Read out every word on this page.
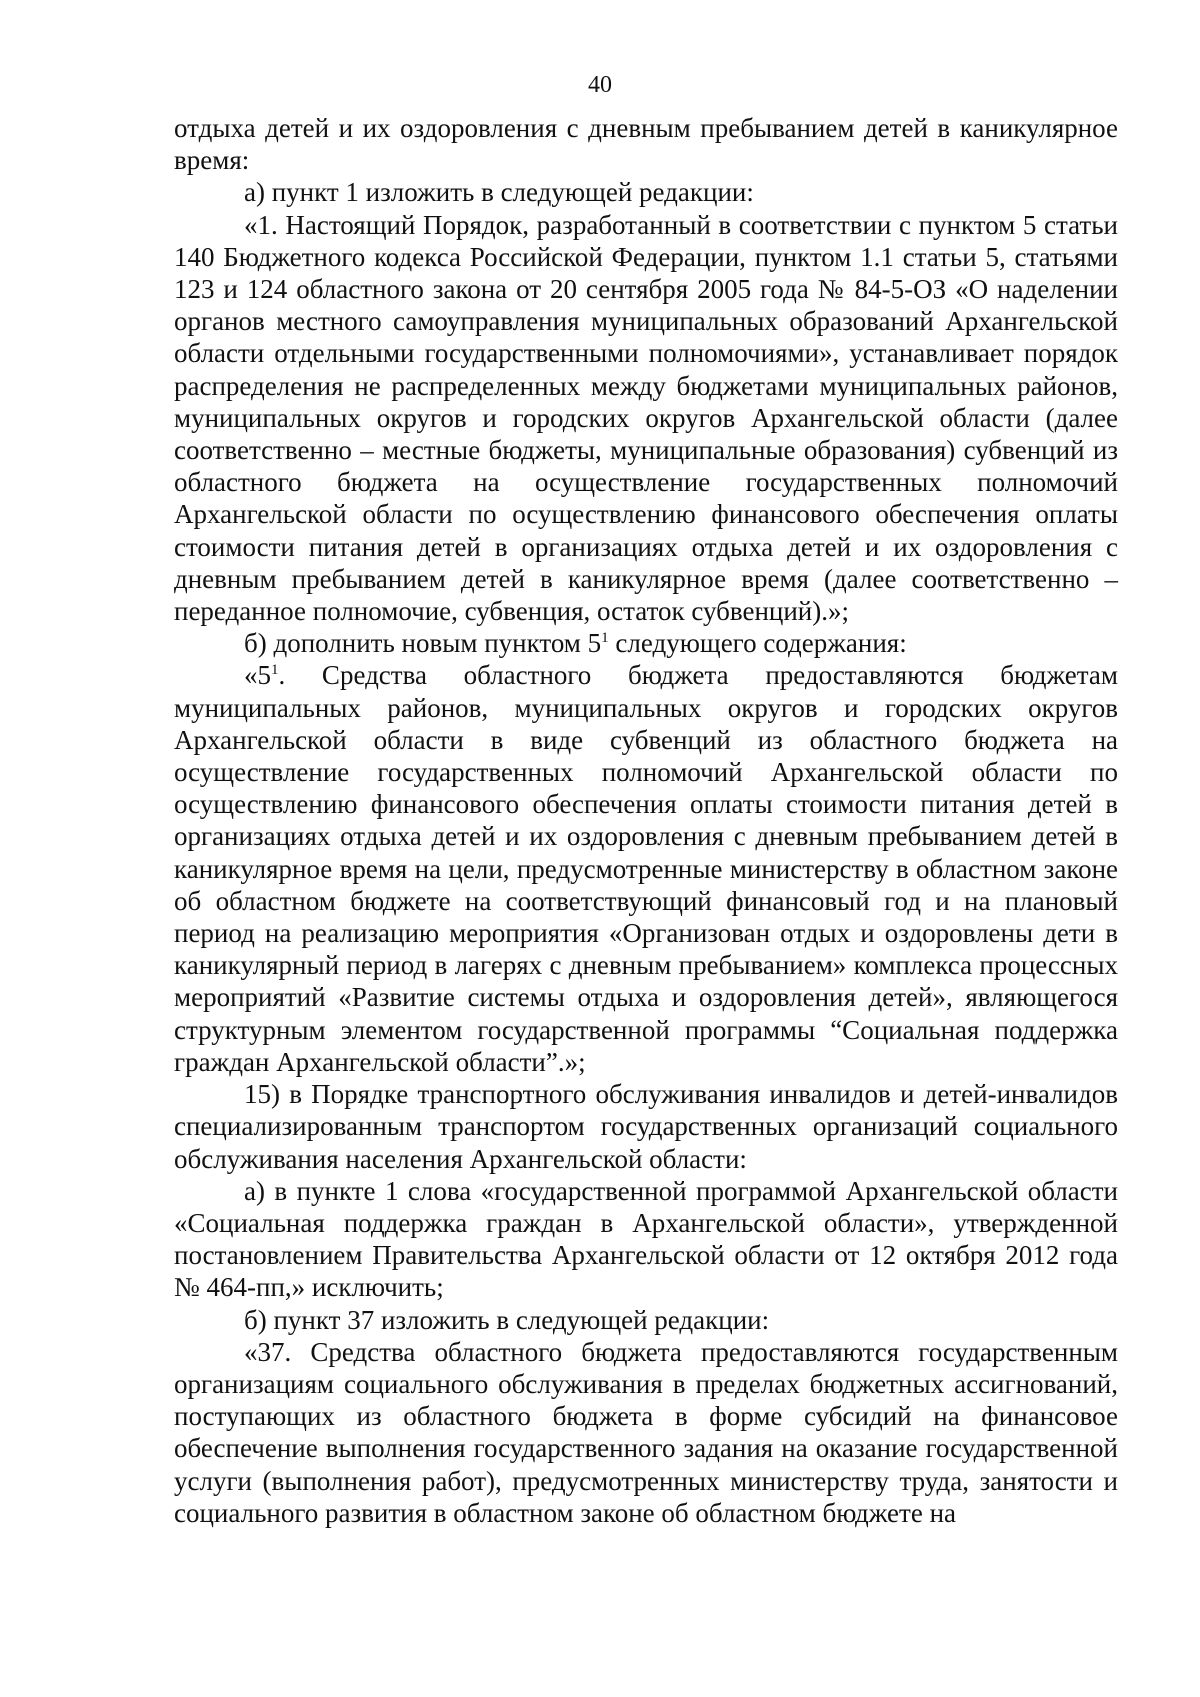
40

отдыха детей и их оздоровления с дневным пребыванием детей в каникулярное время:

а) пункт 1 изложить в следующей редакции:

«1. Настоящий Порядок, разработанный в соответствии с пунктом 5 статьи 140 Бюджетного кодекса Российской Федерации, пунктом 1.1 статьи 5, статьями 123 и 124 областного закона от 20 сентября 2005 года № 84-5-ОЗ «О наделении органов местного самоуправления муниципальных образований Архангельской области отдельными государственными полномочиями», устанавливает порядок распределения не распределенных между бюджетами муниципальных районов, муниципальных округов и городских округов Архангельской области (далее соответственно – местные бюджеты, муниципальные образования) субвенций из областного бюджета на осуществление государственных полномочий Архангельской области по осуществлению финансового обеспечения оплаты стоимости питания детей в организациях отдыха детей и их оздоровления с дневным пребыванием детей в каникулярное время (далее соответственно – переданное полномочие, субвенция, остаток субвенций).»;

б) дополнить новым пунктом $5^1$ следующего содержания:

«$5^1$. Средства областного бюджета предоставляются бюджетам муниципальных районов, муниципальных округов и городских округов Архангельской области в виде субвенций из областного бюджета на осуществление государственных полномочий Архангельской области по осуществлению финансового обеспечения оплаты стоимости питания детей в организациях отдыха детей и их оздоровления с дневным пребыванием детей в каникулярное время на цели, предусмотренные министерству в областном законе об областном бюджете на соответствующий финансовый год и на плановый период на реализацию мероприятия «Организован отдых и оздоровлены дети в каникулярный период в лагерях с дневным пребыванием» комплекса процессных мероприятий «Развитие системы отдыха и оздоровления детей», являющегося структурным элементом государственной программы “Социальная поддержка граждан Архангельской области”.»;

15) в Порядке транспортного обслуживания инвалидов и детей-инвалидов специализированным транспортом государственных организаций социального обслуживания населения Архангельской области:

а) в пункте 1 слова «государственной программой Архангельской области «Социальная поддержка граждан в Архангельской области», утвержденной постановлением Правительства Архангельской области от 12 октября 2012 года № 464-пп,» исключить;

б) пункт 37 изложить в следующей редакции:

«37. Средства областного бюджета предоставляются государственным организациям социального обслуживания в пределах бюджетных ассигнований, поступающих из областного бюджета в форме субсидий на финансовое обеспечение выполнения государственного задания на оказание государственной услуги (выполнения работ), предусмотренных министерству труда, занятости и социального развития в областном законе об областном бюджете на
